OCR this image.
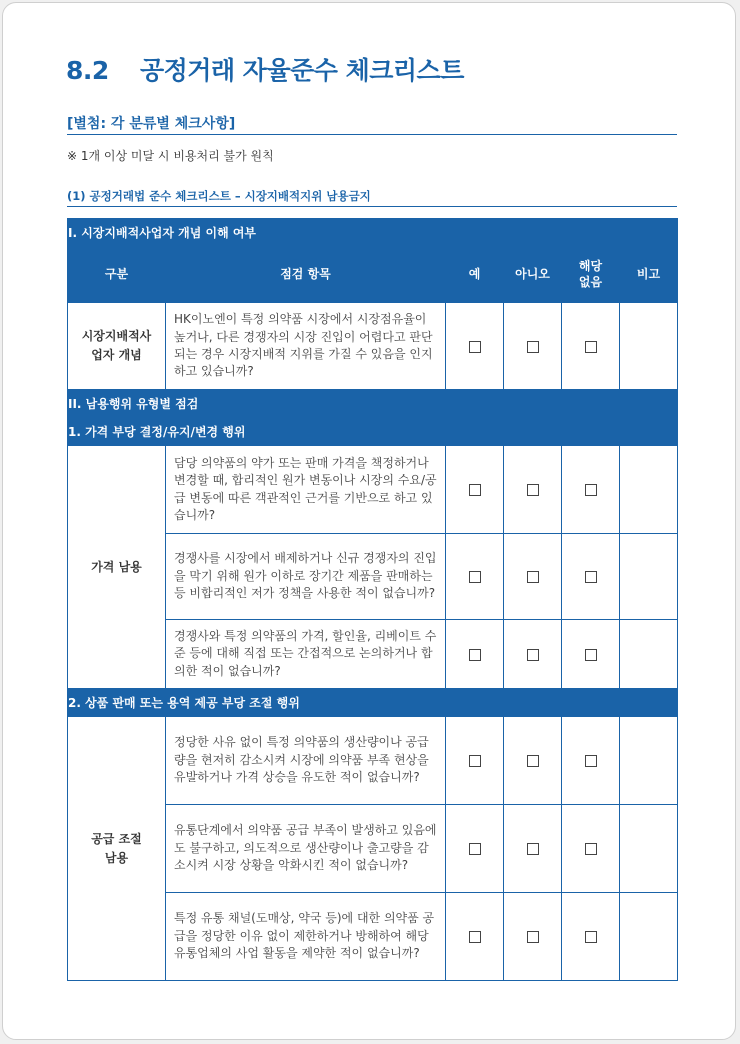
8.2 공정거래 자율준수 체크리스트
[별첨: 각 분류별 체크사항]
※ 1개 이상 미달 시 비용처리 불가 원칙
(1) 공정거래법 준수 체크리스트 – 시장지배적지위 남용금지
I. 시장지배적사업자 개념 이해 여부					
구분	점검 항목	예	아니오	해당 없음	비고
시장지배적사 업자 개념	HK이노엔이 특정 의약품 시장에서 시장점유율이 높거나, 다른 경쟁자의 시장 진입이 어렵다고 판단되는 경우 시장지배적 지위를 가질 수 있음을 인지하고 있습니까?				
II. 남용행위 유형별 점검					
1. 가격 부당 결정/유지/변경 행위					
가격 남용	담당 의약품의 약가 또는 판매 가격을 책정하거나 변경할 때, 합리적인 원가 변동이나 시장의 수요/공급 변동에 따른 객관적인 근거를 기반으로 하고 있습니까?				
	경쟁사를 시장에서 배제하거나 신규 경쟁자의 진입을 막기 위해 원가 이하로 장기간 제품을 판매하는 등 비합리적인 저가 정책을 사용한 적이 없습니까?				
	경쟁사와 특정 의약품의 가격, 할인율, 리베이트 수준 등에 대해 직접 또는 간접적으로 논의하거나 합의한 적이 없습니까?				
2. 상품 판매 또는 용역 제공 부당 조절 행위					
공급 조절 남용	정당한 사유 없이 특정 의약품의 생산량이나 공급량을 현저히 감소시켜 시장에 의약품 부족 현상을 유발하거나 가격 상승을 유도한 적이 없습니까?				
	유통단계에서 의약품 공급 부족이 발생하고 있음에도 불구하고, 의도적으로 생산량이나 출고량을 감소시켜 시장 상황을 악화시킨 적이 없습니까?				
	특정 유통 채널(도매상, 약국 등)에 대한 의약품 공급을 정당한 이유 없이 제한하거나 방해하여 해당 유통업체의 사업 활동을 제약한 적이 없습니까?				
